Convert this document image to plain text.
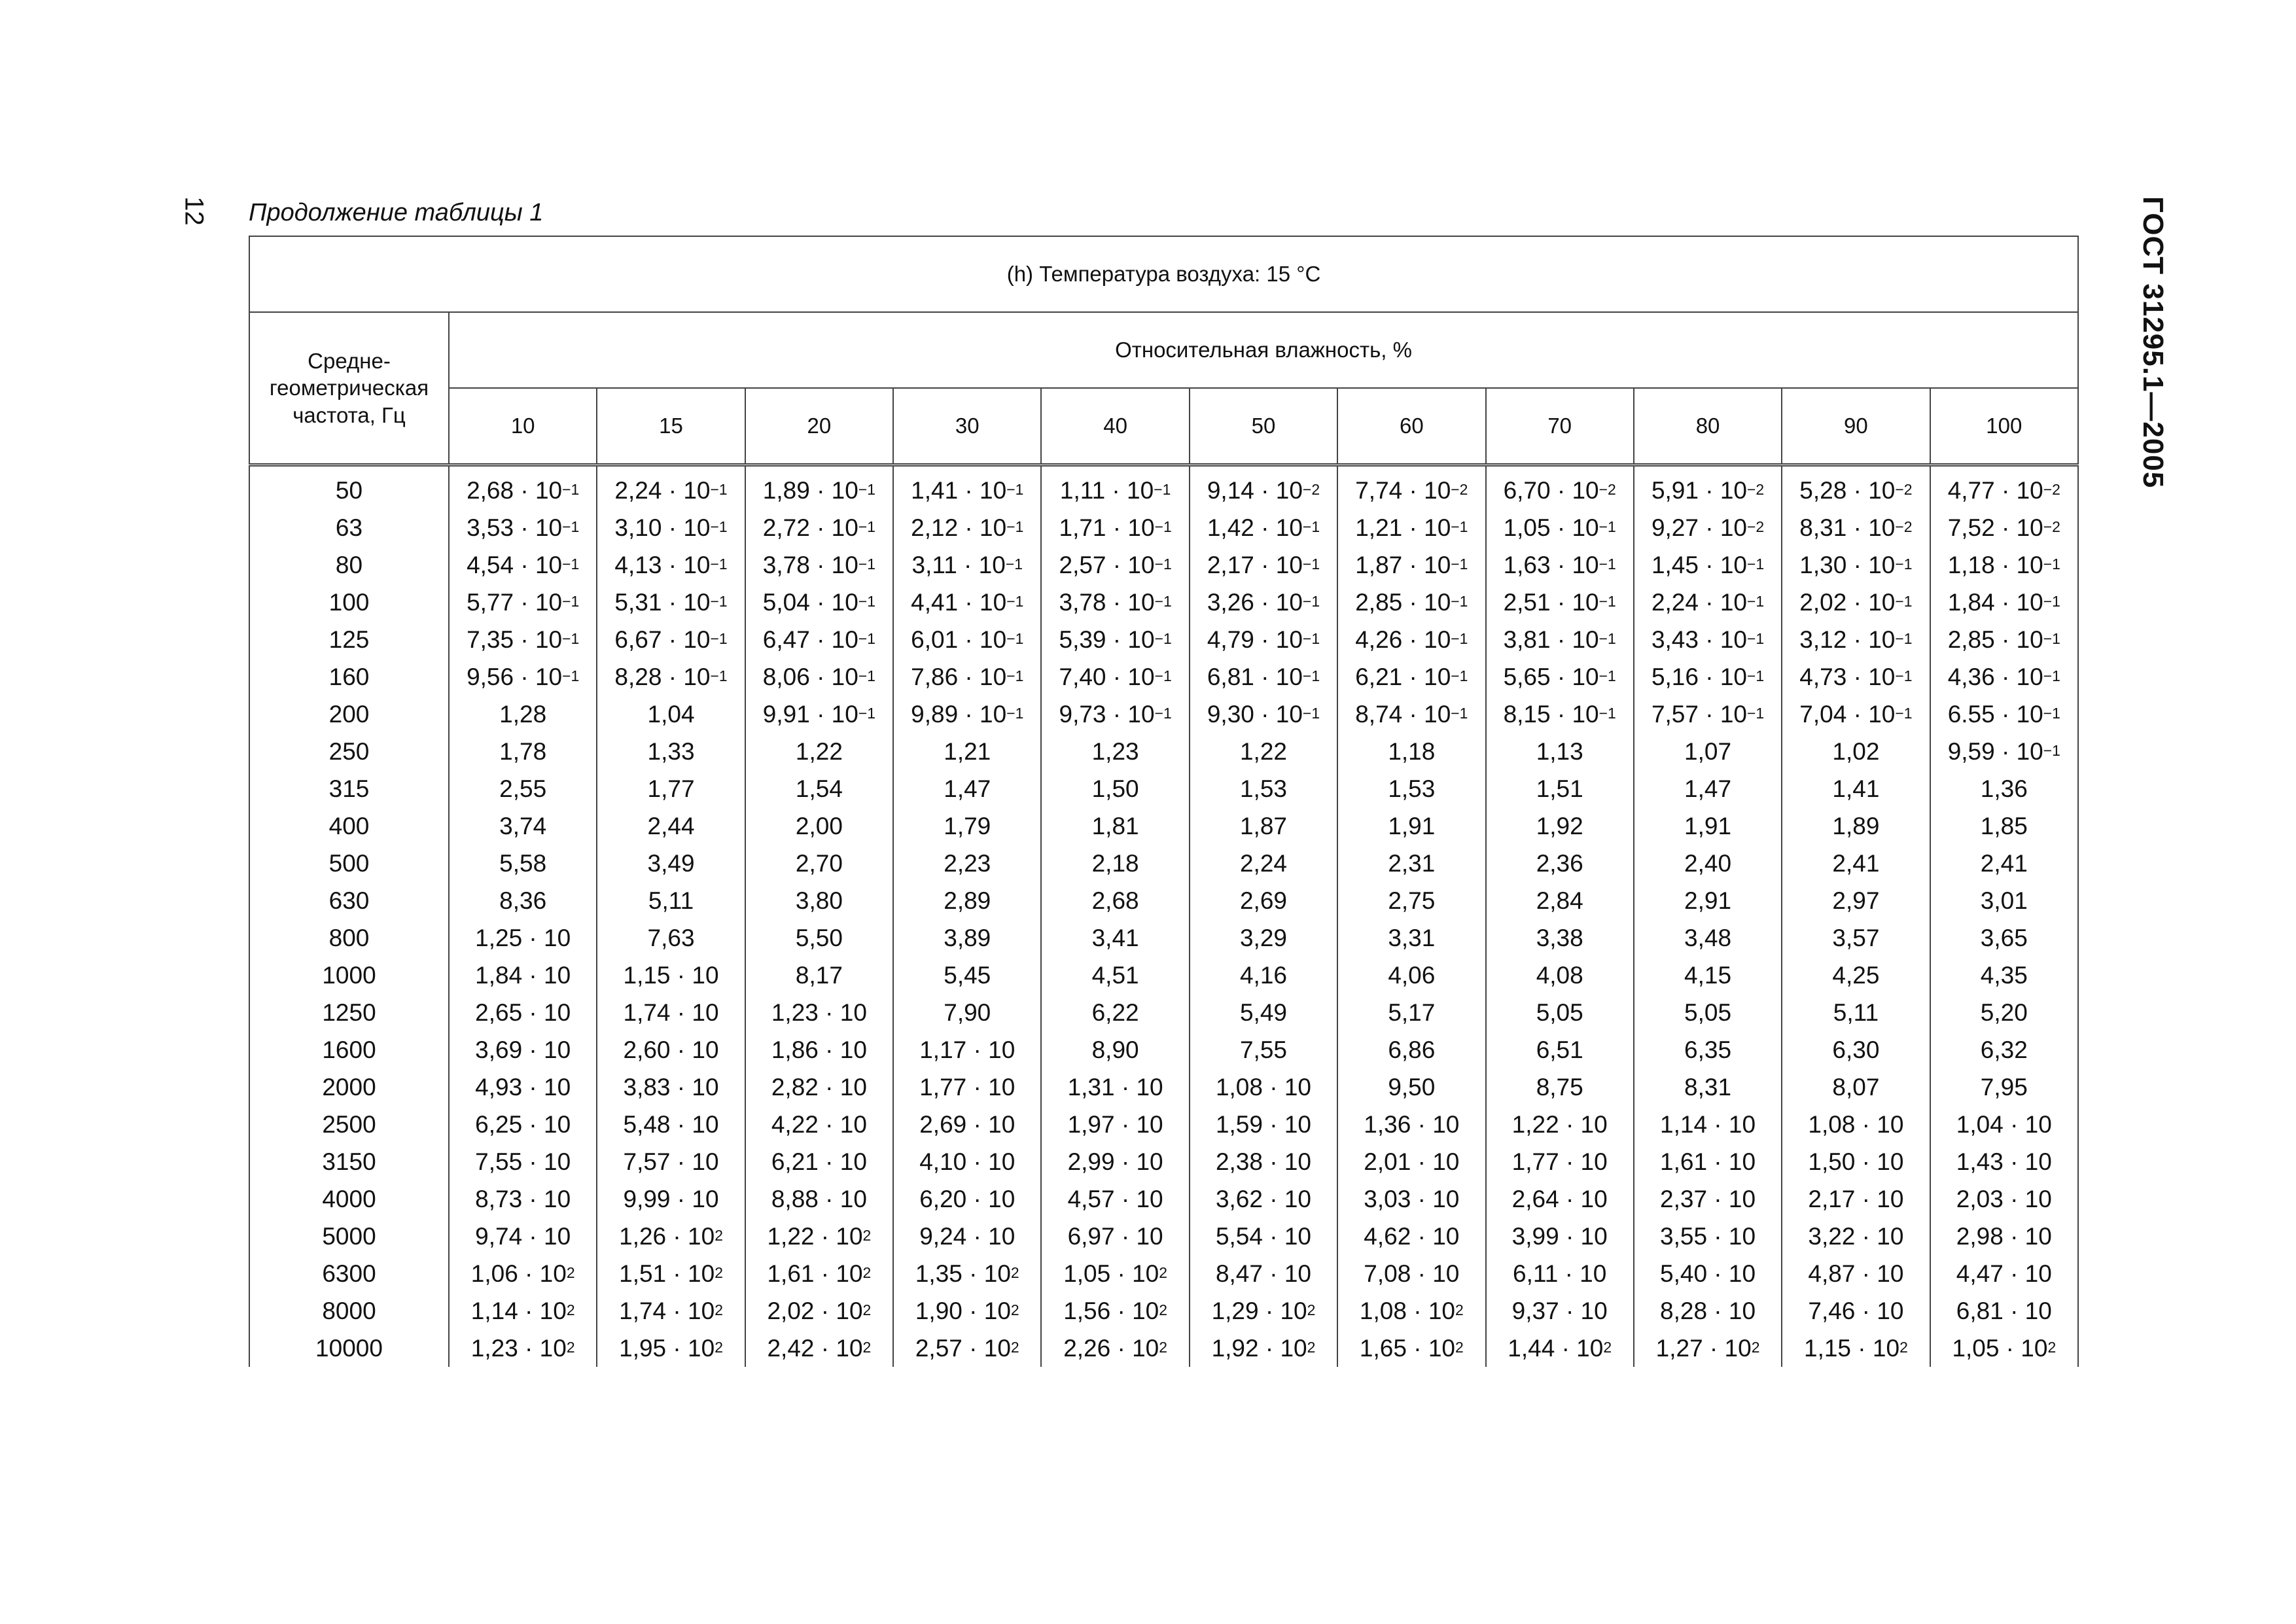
12	ГОСТ 31295.1—2005
Продолжение таблицы 1
(h) Температура воздуха: 15 °C											

Средне-
геометрическая
частота, Гц	Относительная влажность, %										
	10	15	20	30	40	50	60	70	80	90	100

50	$2,68 \cdot 10^{-1}$	$2,24 \cdot 10^{-1}$	$1,89 \cdot 10^{-1}$	$1,41 \cdot 10^{-1}$	$1,11 \cdot 10^{-1}$	$9,14 \cdot 10^{-2}$	$7,74 \cdot 10^{-2}$	$6,70 \cdot 10^{-2}$	$5,91 \cdot 10^{-2}$	$5,28 \cdot 10^{-2}$	$4,77 \cdot 10^{-2}$
63	$3,53 \cdot 10^{-1}$	$3,10 \cdot 10^{-1}$	$2,72 \cdot 10^{-1}$	$2,12 \cdot 10^{-1}$	$1,71 \cdot 10^{-1}$	$1,42 \cdot 10^{-1}$	$1,21 \cdot 10^{-1}$	$1,05 \cdot 10^{-1}$	$9,27 \cdot 10^{-2}$	$8,31 \cdot 10^{-2}$	$7,52 \cdot 10^{-2}$
80	$4,54 \cdot 10^{-1}$	$4,13 \cdot 10^{-1}$	$3,78 \cdot 10^{-1}$	$3,11 \cdot 10^{-1}$	$2,57 \cdot 10^{-1}$	$2,17 \cdot 10^{-1}$	$1,87 \cdot 10^{-1}$	$1,63 \cdot 10^{-1}$	$1,45 \cdot 10^{-1}$	$1,30 \cdot 10^{-1}$	$1,18 \cdot 10^{-1}$
100	$5,77 \cdot 10^{-1}$	$5,31 \cdot 10^{-1}$	$5,04 \cdot 10^{-1}$	$4,41 \cdot 10^{-1}$	$3,78 \cdot 10^{-1}$	$3,26 \cdot 10^{-1}$	$2,85 \cdot 10^{-1}$	$2,51 \cdot 10^{-1}$	$2,24 \cdot 10^{-1}$	$2,02 \cdot 10^{-1}$	$1,84 \cdot 10^{-1}$
125	$7,35 \cdot 10^{-1}$	$6,67 \cdot 10^{-1}$	$6,47 \cdot 10^{-1}$	$6,01 \cdot 10^{-1}$	$5,39 \cdot 10^{-1}$	$4,79 \cdot 10^{-1}$	$4,26 \cdot 10^{-1}$	$3,81 \cdot 10^{-1}$	$3,43 \cdot 10^{-1}$	$3,12 \cdot 10^{-1}$	$2,85 \cdot 10^{-1}$
160	$9,56 \cdot 10^{-1}$	$8,28 \cdot 10^{-1}$	$8,06 \cdot 10^{-1}$	$7,86 \cdot 10^{-1}$	$7,40 \cdot 10^{-1}$	$6,81 \cdot 10^{-1}$	$6,21 \cdot 10^{-1}$	$5,65 \cdot 10^{-1}$	$5,16 \cdot 10^{-1}$	$4,73 \cdot 10^{-1}$	$4,36 \cdot 10^{-1}$
200	1,28	1,04	$9,91 \cdot 10^{-1}$	$9,89 \cdot 10^{-1}$	$9,73 \cdot 10^{-1}$	$9,30 \cdot 10^{-1}$	$8,74 \cdot 10^{-1}$	$8,15 \cdot 10^{-1}$	$7,57 \cdot 10^{-1}$	$7,04 \cdot 10^{-1}$	$6.55 \cdot 10^{-1}$
250	1,78	1,33	1,22	1,21	1,23	1,22	1,18	1,13	1,07	1,02	$9,59 \cdot 10^{-1}$
315	2,55	1,77	1,54	1,47	1,50	1,53	1,53	1,51	1,47	1,41	1,36
400	3,74	2,44	2,00	1,79	1,81	1,87	1,91	1,92	1,91	1,89	1,85
500	5,58	3,49	2,70	2,23	2,18	2,24	2,31	2,36	2,40	2,41	2,41
630	8,36	5,11	3,80	2,89	2,68	2,69	2,75	2,84	2,91	2,97	3,01
800	1,25 · 10	7,63	5,50	3,89	3,41	3,29	3,31	3,38	3,48	3,57	3,65
1000	1,84 · 10	1,15 · 10	8,17	5,45	4,51	4,16	4,06	4,08	4,15	4,25	4,35
1250	2,65 · 10	1,74 · 10	1,23 · 10	7,90	6,22	5,49	5,17	5,05	5,05	5,11	5,20
1600	3,69 · 10	2,60 · 10	1,86 · 10	1,17 · 10	8,90	7,55	6,86	6,51	6,35	6,30	6,32
2000	4,93 · 10	3,83 · 10	2,82 · 10	1,77 · 10	1,31 · 10	1,08 · 10	9,50	8,75	8,31	8,07	7,95
2500	6,25 · 10	5,48 · 10	4,22 · 10	2,69 · 10	1,97 · 10	1,59 · 10	1,36 · 10	1,22 · 10	1,14 · 10	1,08 · 10	1,04 · 10
3150	7,55 · 10	7,57 · 10	6,21 · 10	4,10 · 10	2,99 · 10	2,38 · 10	2,01 · 10	1,77 · 10	1,61 · 10	1,50 · 10	1,43 · 10
4000	8,73 · 10	9,99 · 10	8,88 · 10	6,20 · 10	4,57 · 10	3,62 · 10	3,03 · 10	2,64 · 10	2,37 · 10	2,17 · 10	2,03 · 10
5000	9,74 · 10	$1,26 \cdot 10^2$	$1,22 \cdot 10^2$	9,24 · 10	6,97 · 10	5,54 · 10	4,62 · 10	3,99 · 10	3,55 · 10	3,22 · 10	2,98 · 10
6300	$1,06 \cdot 10^2$	$1,51 \cdot 10^2$	$1,61 \cdot 10^2$	$1,35 \cdot 10^2$	$1,05 \cdot 10^2$	8,47 · 10	7,08 · 10	6,11 · 10	5,40 · 10	4,87 · 10	4,47 · 10
8000	$1,14 \cdot 10^2$	$1,74 \cdot 10^2$	$2,02 \cdot 10^2$	$1,90 \cdot 10^2$	$1,56 \cdot 10^2$	$1,29 \cdot 10^2$	$1,08 \cdot 10^2$	9,37 · 10	8,28 · 10	7,46 · 10	6,81 · 10
10000	$1,23 \cdot 10^2$	$1,95 \cdot 10^2$	$2,42 \cdot 10^2$	$2,57 \cdot 10^2$	$2,26 \cdot 10^2$	$1,92 \cdot 10^2$	$1,65 \cdot 10^2$	$1,44 \cdot 10^2$	$1,27 \cdot 10^2$	$1,15 \cdot 10^2$	$1,05 \cdot 10^2$
